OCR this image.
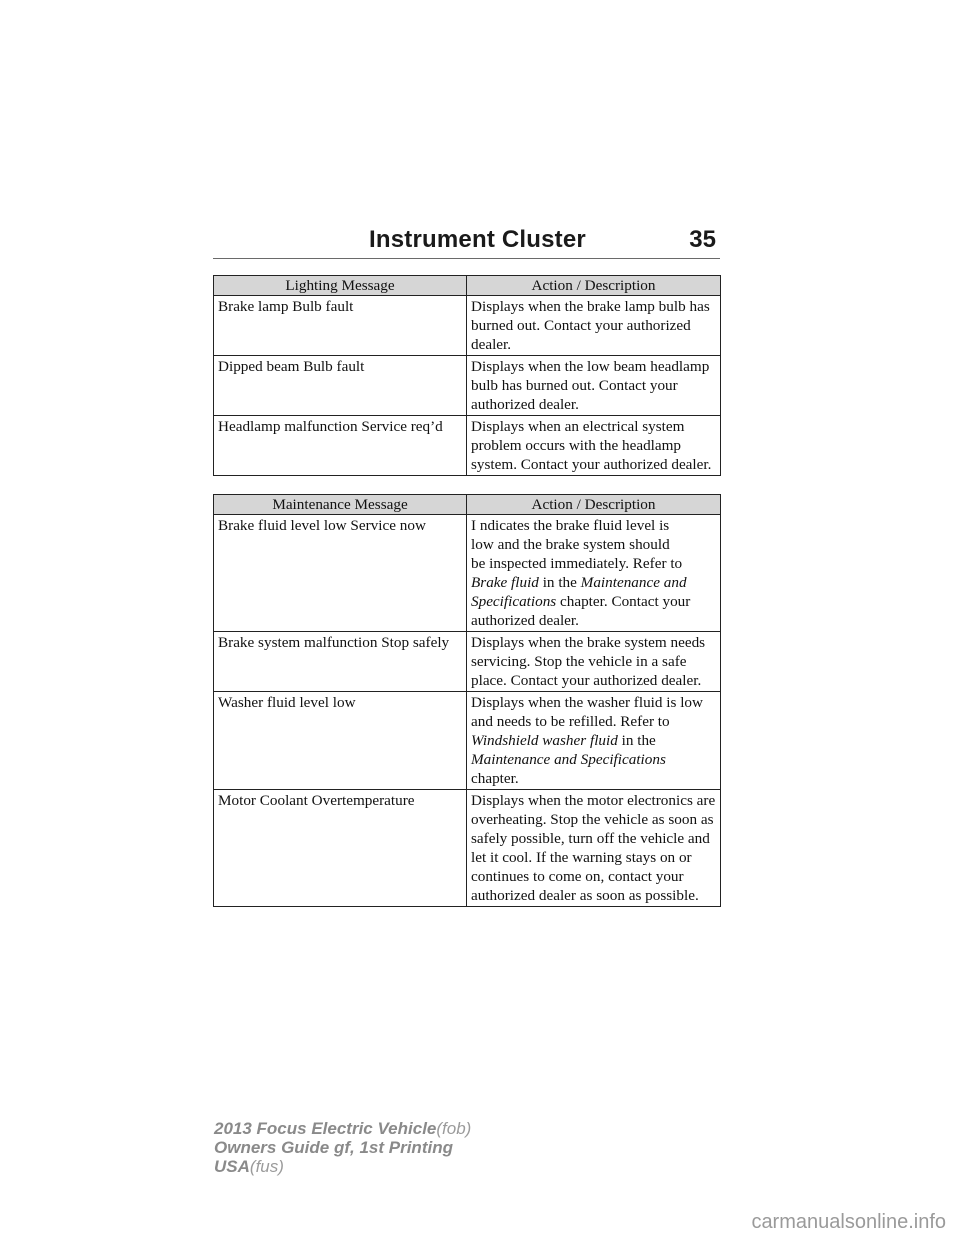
Instrument Cluster	35
Lighting Message	Action / Description
Brake lamp Bulb fault	Displays when the brake lamp bulb has burned out. Contact your authorized dealer.
Dipped beam Bulb fault	Displays when the low beam headlamp bulb has burned out. Contact your authorized dealer.
Headlamp malfunction Service req’d	Displays when an electrical system problem occurs with the headlamp system. Contact your authorized dealer.
Maintenance Message	Action / Description
Brake fluid level low Service now	I ndicates the brake fluid level is
low and the brake system should
be inspected immediately. Refer to
Brake fluid in the Maintenance and Specifications chapter. Contact your authorized dealer.
Brake system malfunction Stop safely	Displays when the brake system needs servicing. Stop the vehicle in a safe place. Contact your authorized dealer.
Washer fluid level low	Displays when the washer fluid is low and needs to be refilled. Refer to Windshield washer fluid in the Maintenance and Specifications chapter.
Motor Coolant Overtemperature	Displays when the motor electronics are overheating. Stop the vehicle as soon as safely possible, turn off the vehicle and let it cool. If the warning stays on or continues to come on, contact your authorized dealer as soon as possible.
2013 Focus Electric Vehicle(fob)
Owners Guide gf, 1st Printing
USA(fus)
carmanualsonline.info
